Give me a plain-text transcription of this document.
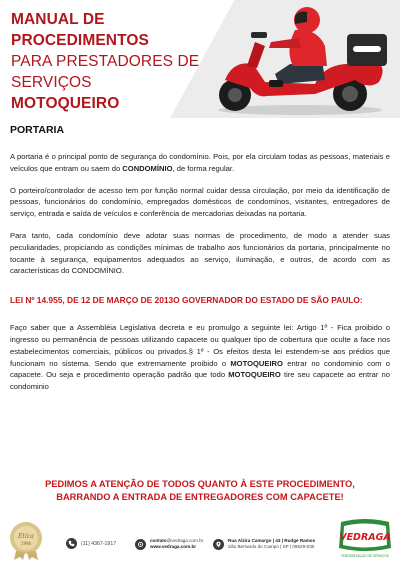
MANUAL DE PROCEDIMENTOS
PARA PRESTADORES DE
SERVIÇOS
MOTOQUEIRO
PORTARIA

A portaria é o principal ponto de segurança do condomínio. Pois, por ela circulam todas as pessoas, materiais e veículos que entram ou saem do CONDOMÍNIO, de forma regular.

O porteiro/controlador de acesso tem por função normal cuidar dessa circulação, por meio da identificação de pessoas, funcionários do condomínio, empregados domésticos de condomínos, visitantes, entregadores de serviço, entrada e saída de veículos e conferência de mercadorias deixadas na portaria.

Para tanto, cada condomínio deve adotar suas normas de procedimento, de modo a atender suas peculiaridades, propiciando as condições mínimas de trabalho aos funcionários da portaria, principalmente no tocante à segurança, equipamentos adequados ao serviço, iluminação, e outros, de acordo com as características do CONDOMÍNIO.

LEI Nº 14.955, DE 12 DE MARÇO DE 2013O GOVERNADOR DO ESTADO DE SÃO PAULO:

Faço saber que a Assembléia Legislativa decreta e eu promulgo a seguinte lei: Artigo 1º - Fica proibido o ingresso ou permanência de pessoas utilizando capacete ou qualquer tipo de cobertura que oculte a face nos estabelecimentos comerciais, públicos ou privados.§ 1º - Os efeitos desta lei estendem-se aos prédios que funcionam no sistema. Sendo que extremamente proibido o MOTOQUEIRO entrar no condominio com o capacete. Ou seja e procedimento operação padrão que todo MOTOQUEIRO tire seu capacete ao entrar no condominio

PEDIMOS A ATENÇÃO DE TODOS QUANTO À ESTE PROCEDIMENTO,
BARRANDO A ENTRADA DE ENTREGADORES COM CAPACETE!
Ética
1996	(11) 4367-1917	contato@vedraga.com.br
www.vedraga.com.br
Rua Alzira Camargo | 43 | Rudge Ramos
São Bernardo do Campo | SP | 09629-030
VEDRAGA
TERCEIRIZAÇÃO DE SERVIÇOS
